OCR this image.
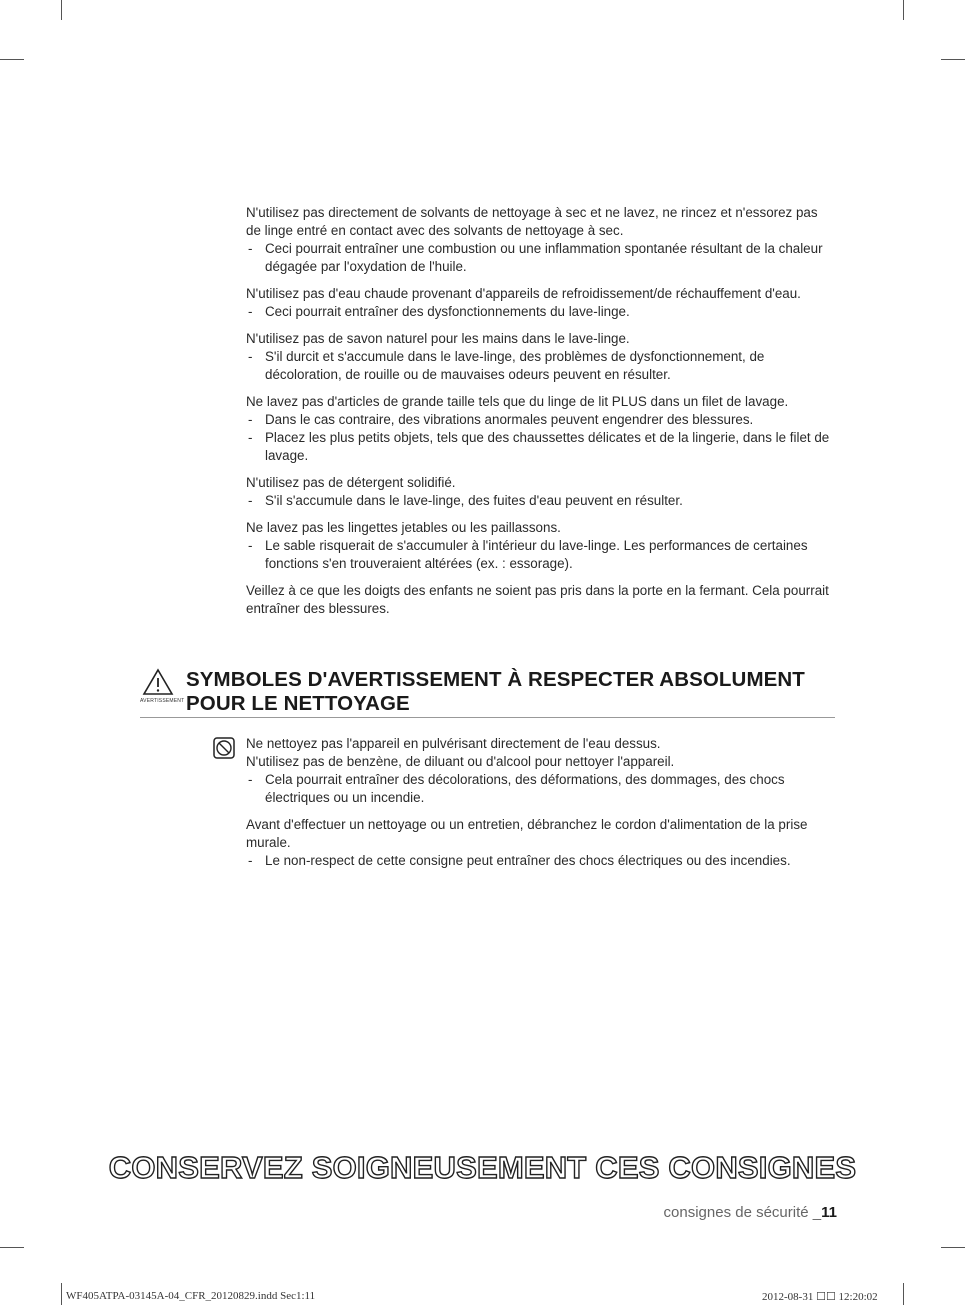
N'utilisez pas directement de solvants de nettoyage à sec et ne lavez, ne rincez et n'essorez pas de linge entré en contact avec des solvants de nettoyage à sec.

- Ceci pourrait entraîner une combustion ou une inflammation spontanée résultant de la chaleur dégagée par l'oxydation de l'huile.

N'utilisez pas d'eau chaude provenant d'appareils de refroidissement/de réchauffement d'eau.

- Ceci pourrait entraîner des dysfonctionnements du lave-linge.

N'utilisez pas de savon naturel pour les mains dans le lave-linge.

- S'il durcit et s'accumule dans le lave-linge, des problèmes de dysfonctionnement, de décoloration, de rouille ou de mauvaises odeurs peuvent en résulter.

Ne lavez pas d'articles de grande taille tels que du linge de lit PLUS dans un filet de lavage.

- Dans le cas contraire, des vibrations anormales peuvent engendrer des blessures.

- Placez les plus petits objets, tels que des chaussettes délicates et de la lingerie, dans le filet de lavage.

N'utilisez pas de détergent solidifié.

- S'il s'accumule dans le lave-linge, des fuites d'eau peuvent en résulter.

Ne lavez pas les lingettes jetables ou les paillassons.

- Le sable risquerait de s'accumuler à l'intérieur du lave-linge. Les performances de certaines fonctions s'en trouveraient altérées (ex. : essorage).

Veillez à ce que les doigts des enfants ne soient pas pris dans la porte en la fermant. Cela pourrait entraîner des blessures.

AVERTISSEMENT
SYMBOLES D'AVERTISSEMENT À RESPECTER ABSOLUMENT
POUR LE NETTOYAGE

Ne nettoyez pas l'appareil en pulvérisant directement de l'eau dessus.

N'utilisez pas de benzène, de diluant ou d'alcool pour nettoyer l'appareil.

- Cela pourrait entraîner des décolorations, des déformations, des dommages, des chocs électriques ou un incendie.

Avant d'effectuer un nettoyage ou un entretien, débranchez le cordon d'alimentation de la prise murale.

- Le non-respect de cette consigne peut entraîner des chocs électriques ou des incendies.

CONSERVEZ SOIGNEUSEMENT CES CONSIGNES
consignes de sécurité _11
WF405ATPA-03145A-04_CFR_20120829.indd Sec1:11	2012-08-31 ☐☐ 12:20:02
